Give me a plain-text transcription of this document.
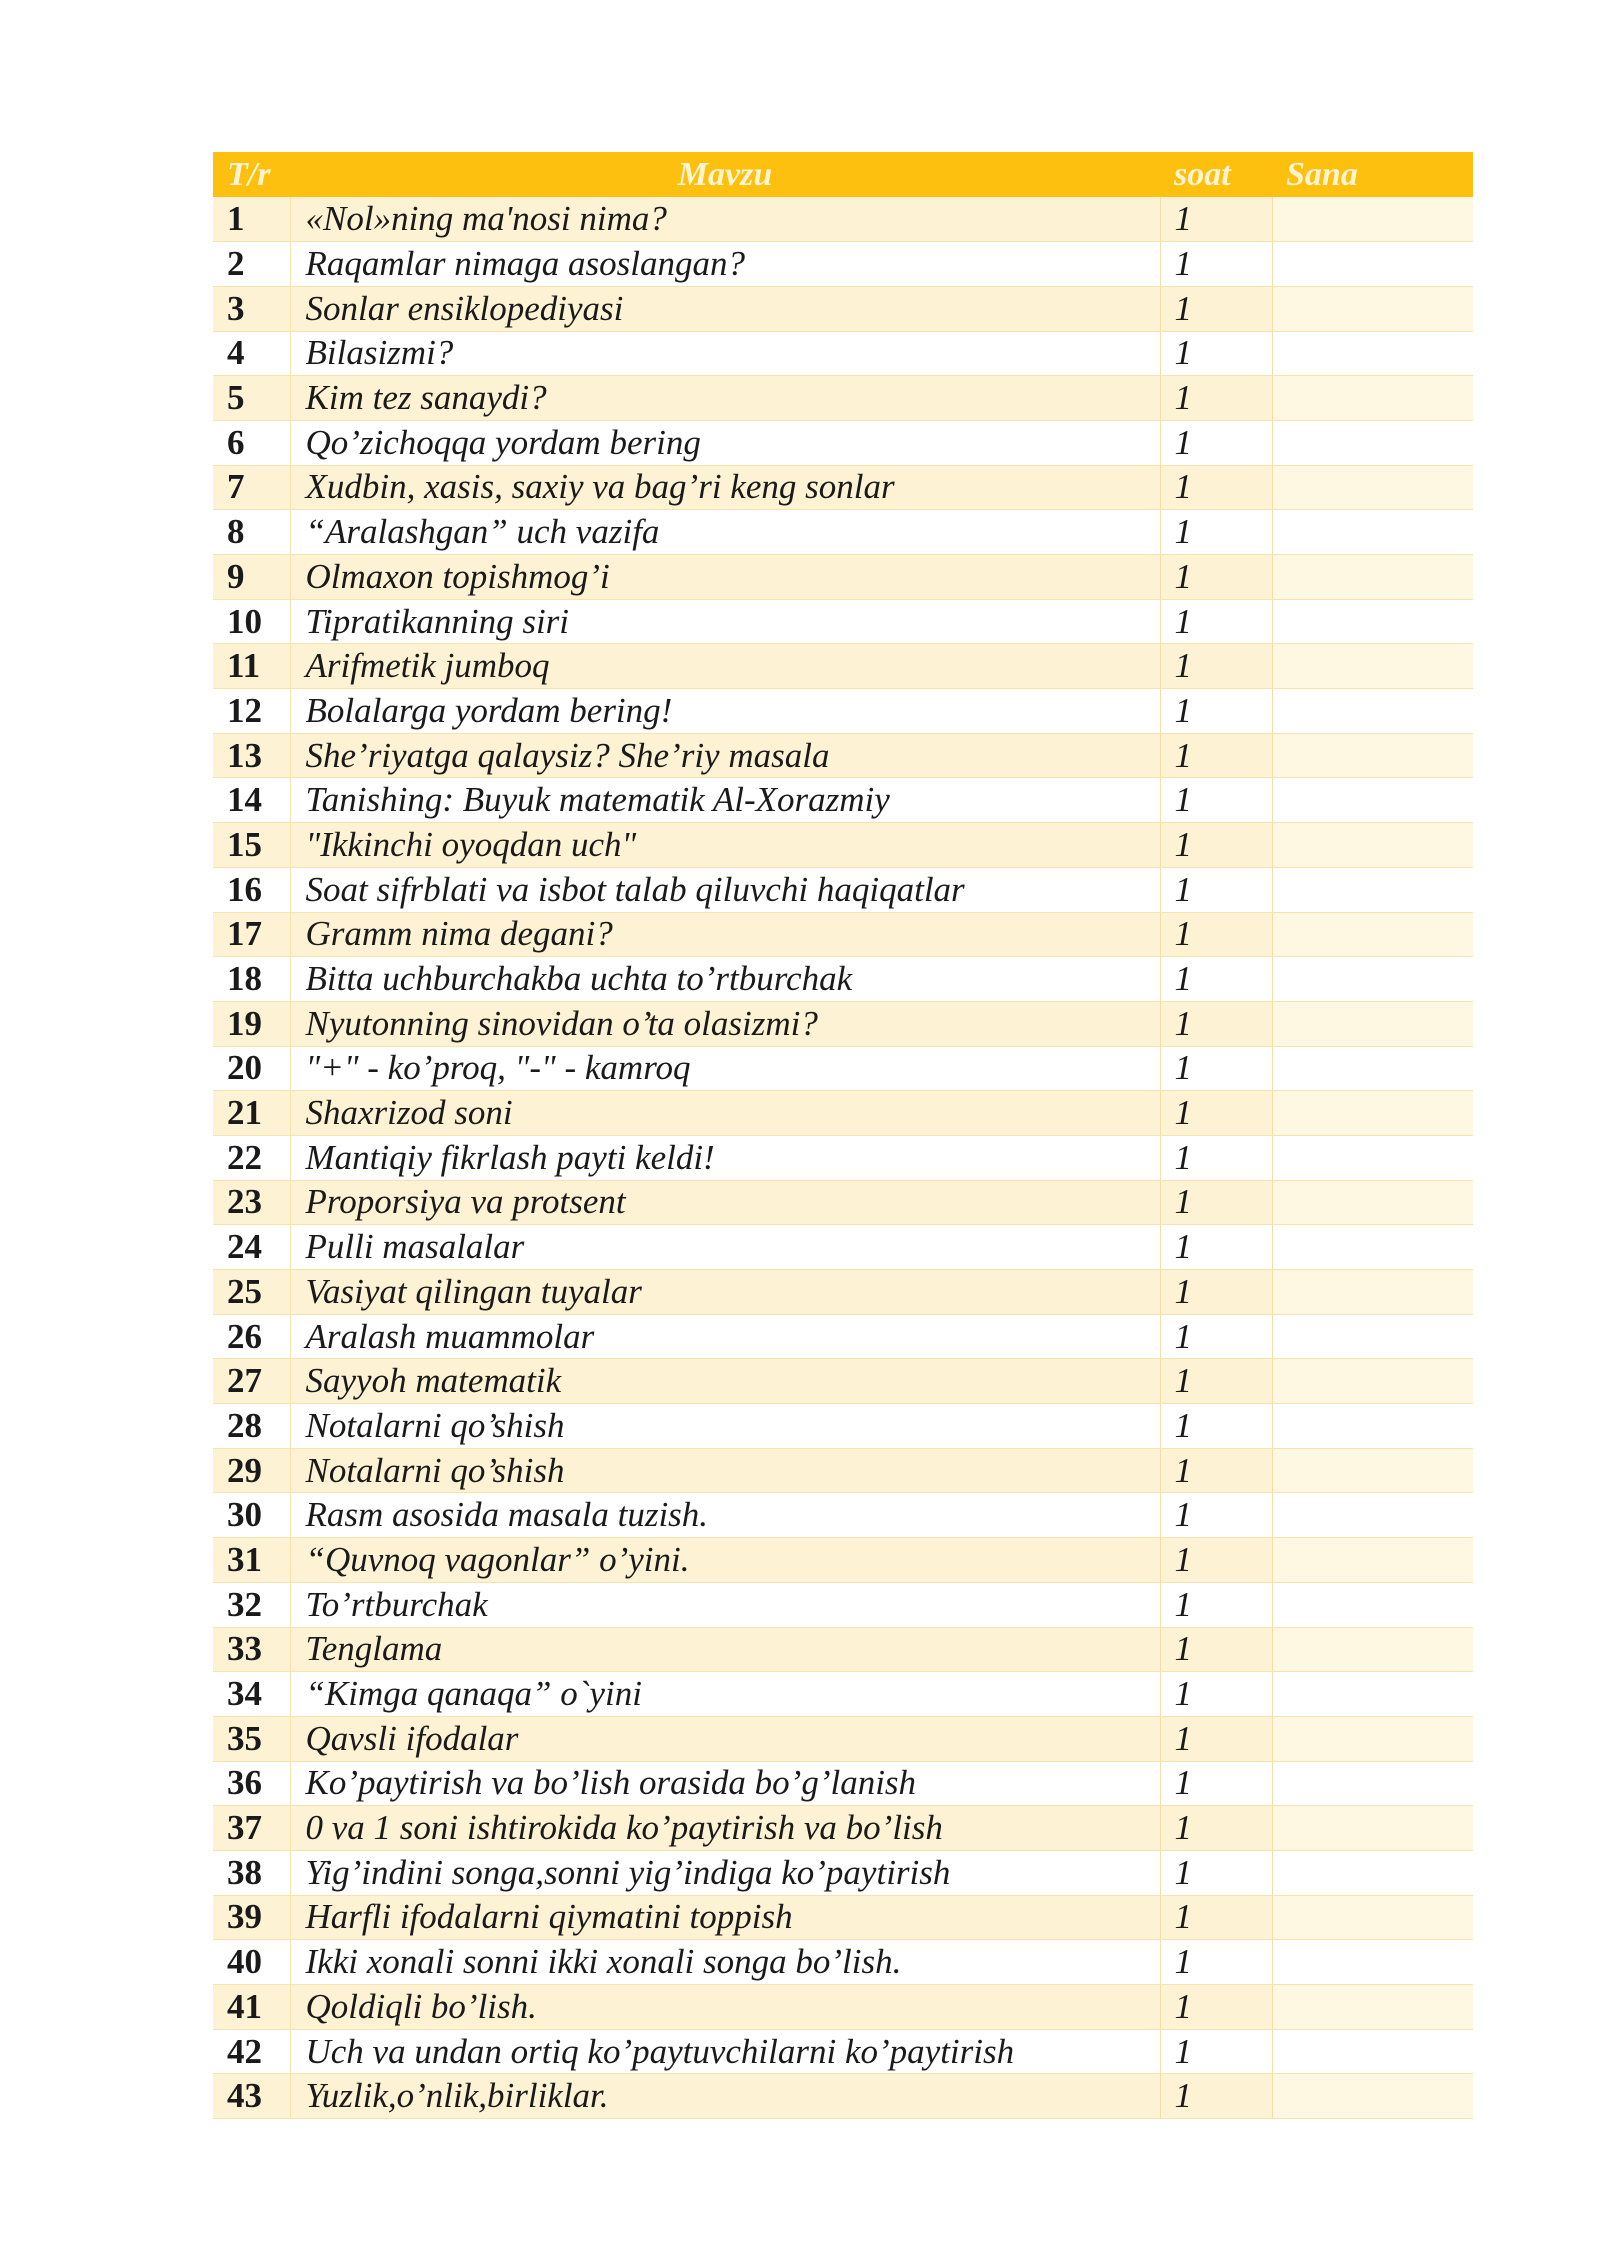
T/r	Mavzu	soat	Sana
1	«Nol»ning ma'nosi nima?	1	
2	Raqamlar nimaga asoslangan?	1	
3	Sonlar ensiklopediyasi	1	
4	Bilasizmi?	1	
5	Kim tez sanaydi?	1	
6	Qo’zichoqqa yordam bering	1	
7	Xudbin, xasis, saxiy va bag’ri keng sonlar	1	
8	“Aralashgan” uch vazifa	1	
9	Olmaxon topishmog’i	1	
10	Tipratikanning siri	1	
11	Arifmetik jumboq	1	
12	Bolalarga yordam bering!	1	
13	She’riyatga qalaysiz? She’riy masala	1	
14	Tanishing: Buyuk matematik Al-Xorazmiy	1	
15	"Ikkinchi oyoqdan uch"	1	
16	Soat sifrblati va isbot talab qiluvchi haqiqatlar	1	
17	Gramm nima degani?	1	
18	Bitta uchburchakba uchta to’rtburchak	1	
19	Nyutonning sinovidan o’ta olasizmi?	1	
20	"+" - ko’proq, "-" - kamroq	1	
21	Shaxrizod soni	1	
22	Mantiqiy fikrlash payti keldi!	1	
23	Proporsiya va protsent	1	
24	Pulli masalalar	1	
25	Vasiyat qilingan tuyalar	1	
26	Aralash muammolar	1	
27	Sayyoh matematik	1	
28	Notalarni qo’shish	1	
29	Notalarni qo’shish	1	
30	Rasm asosida masala tuzish.	1	
31	“Quvnoq vagonlar” o’yini.	1	
32	To’rtburchak	1	
33	Tenglama	1	
34	“Kimga qanaqa” o`yini	1	
35	Qavsli ifodalar	1	
36	Ko’paytirish va bo’lish orasida bo’g’lanish	1	
37	0 va 1 soni ishtirokida ko’paytirish va bo’lish	1	
38	Yig’indini songa,sonni yig’indiga ko’paytirish	1	
39	Harfli ifodalarni qiymatini toppish	1	
40	Ikki xonali sonni ikki xonali songa bo’lish.	1	
41	Qoldiqli bo’lish.	1	
42	Uch va undan ortiq ko’paytuvchilarni ko’paytirish	1	
43	Yuzlik,o’nlik,birliklar.	1	
